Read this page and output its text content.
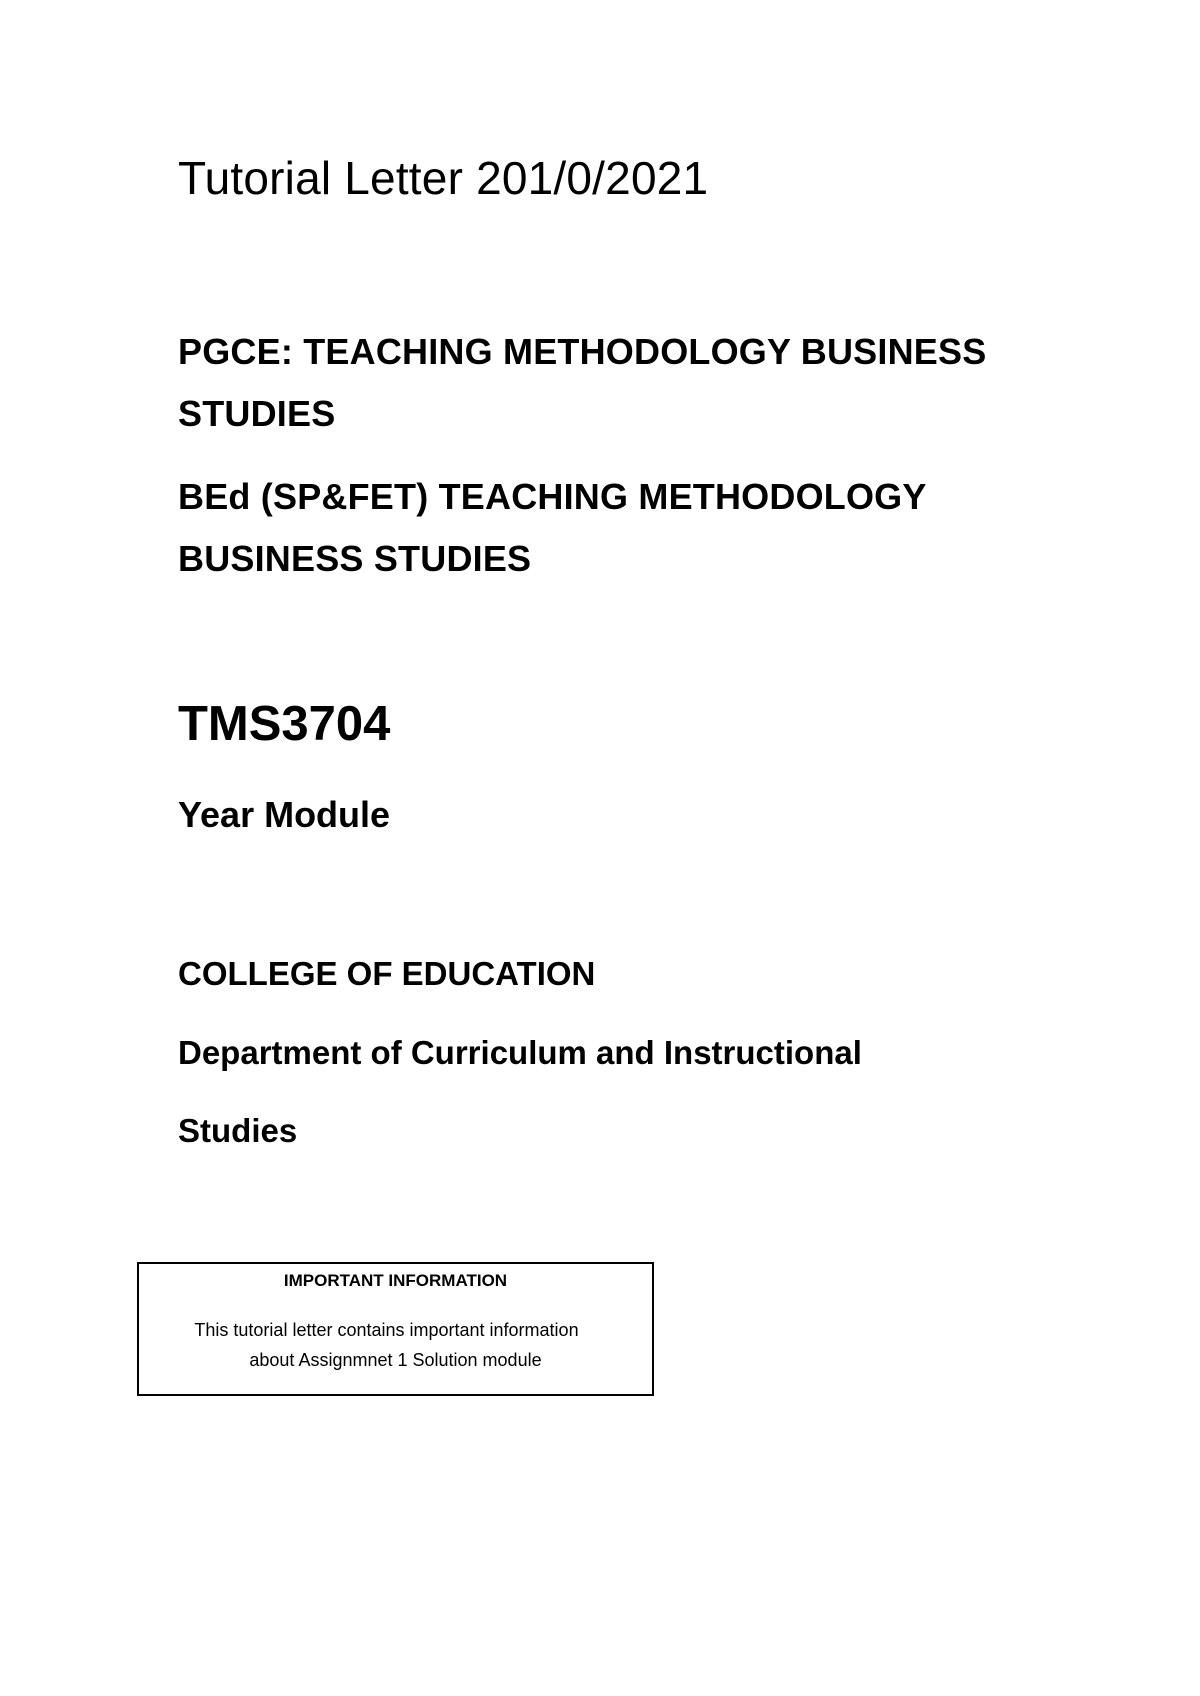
Tutorial Letter 201/0/2021
PGCE: TEACHING METHODOLOGY BUSINESS
STUDIES
BEd (SP&FET) TEACHING METHODOLOGY
BUSINESS STUDIES
TMS3704
Year Module
COLLEGE OF EDUCATION
Department of Curriculum and Instructional
Studies

IMPORTANT INFORMATION

This tutorial letter contains important information

about Assignmnet 1 Solution module
